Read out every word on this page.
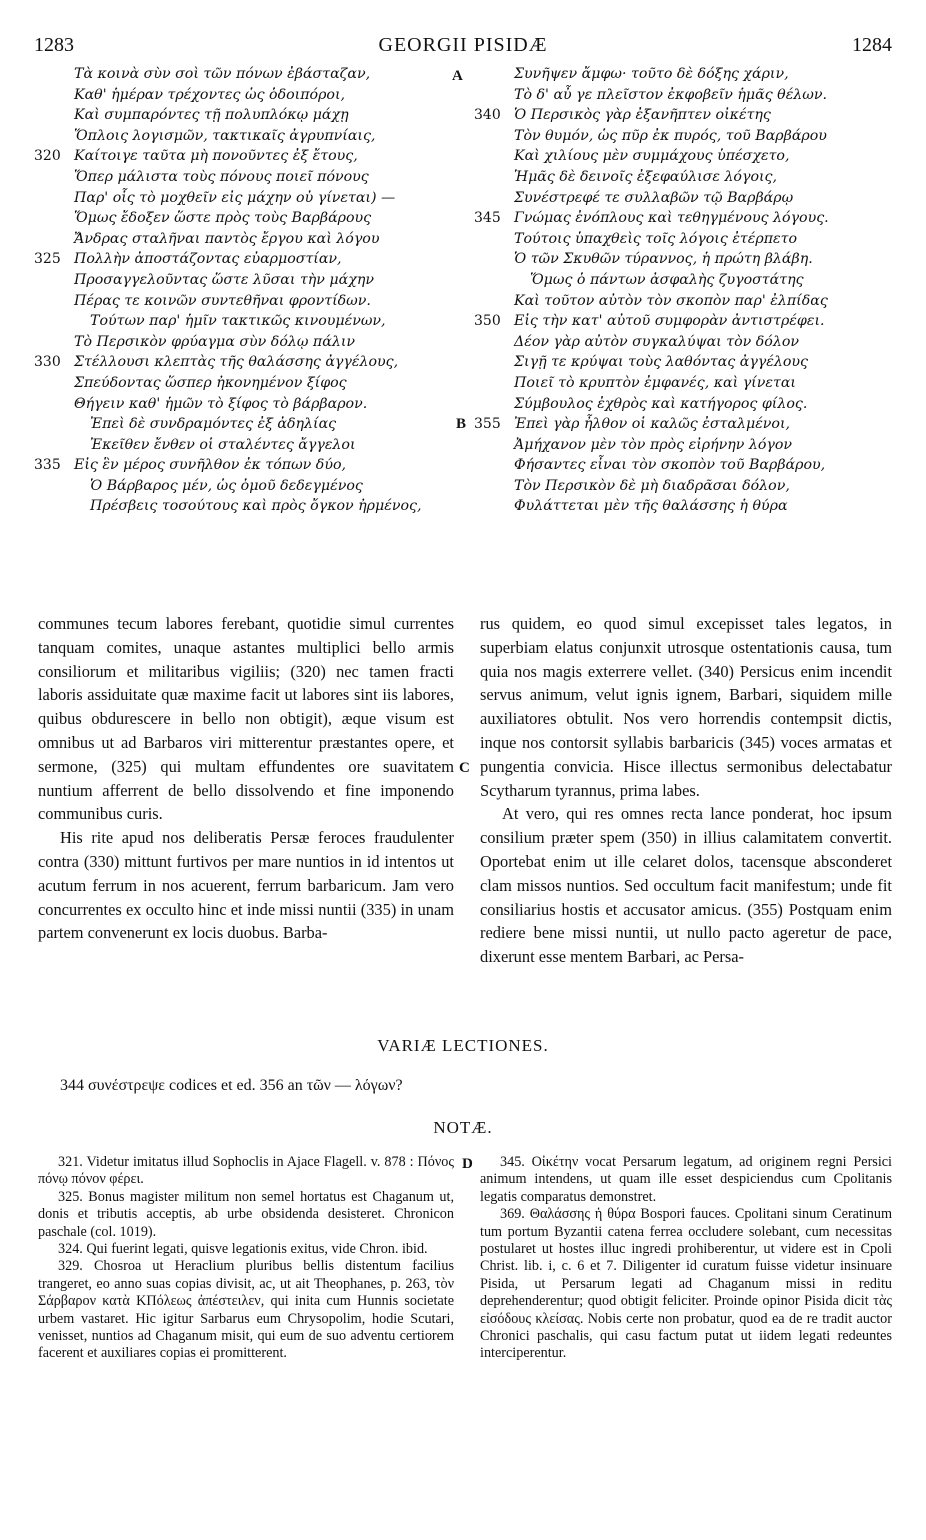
1283	GEORGII PISIDÆ	1284
Τὰ κοινὰ σὺν σοὶ τῶν πόνων ἐβάσταζαν,
Καθ' ἡμέραν τρέχοντες ὡς ὁδοιπόροι,
Καὶ συμπαρόντες τῇ πολυπλόκῳ μάχῃ
Ὅπλοις λογισμῶν, τακτικαῖς ἀγρυπνίαις,
320 Καίτοιγε ταῦτα μὴ πονοῦντες ἐξ ἔτους,
Ὅπερ μάλιστα τοὺς πόνους ποιεῖ πόνους
Παρ' οἷς τὸ μοχθεῖν εἰς μάχην οὐ γίνεται) —
Ὅμως ἔδοξεν ὥστε πρὸς τοὺς Βαρβάρους
Ἄνδρας σταλῆναι παντὸς ἔργου καὶ λόγου
325 Πολλὴν ἀποστάζοντας εὐαρμοστίαν,
Προσαγγελοῦντας ὥστε λῦσαι τὴν μάχην
Πέρας τε κοινῶν συντεθῆναι φροντίδων.
Τούτων παρ' ἡμῖν τακτικῶς κινουμένων,
Τὸ Περσικὸν φρύαγμα σὺν δόλῳ πάλιν
330 Στέλλουσι κλεπτὰς τῆς θαλάσσης ἀγγέλους,
Σπεύδοντας ὥσπερ ἠκονημένον ξίφος
Θήγειν καθ' ἡμῶν τὸ ξίφος τὸ βάρβαρον.
Ἐπεὶ δὲ συνδραμόντες ἐξ ἀδηλίας
Ἐκεῖθεν ἔνθεν οἱ σταλέντες ἄγγελοι
335 Εἰς ἓν μέρος συνῆλθον ἐκ τόπων δύο,
Ὁ Βάρβαρος μέν, ὡς ὁμοῦ δεδεγμένος
Πρέσβεις τοσούτους καὶ πρὸς ὄγκον ἠρμένος,
Συνῆψεν ἄμφω· τοῦτο δὲ δόξης χάριν,
Τὸ δ' αὖ γε πλεῖστον ἐκφοβεῖν ἡμᾶς θέλων.
340 Ὁ Περσικὸς γὰρ ἐξανῆπτεν οἰκέτης
Τὸν θυμόν, ὡς πῦρ ἐκ πυρός, τοῦ Βαρβάρου
Καὶ χιλίους μὲν συμμάχους ὑπέσχετο,
Ἡμᾶς δὲ δεινοῖς ἐξεφαύλισε λόγοις,
Συνέστρεφέ τε συλλαβῶν τῷ Βαρβάρῳ
345 Γνώμας ἐνόπλους καὶ τεθηγμένους λόγους.
Τούτοις ὑπαχθεὶς τοῖς λόγοις ἐτέρπετο
Ὁ τῶν Σκυθῶν τύραννος, ἡ πρώτη βλάβη.
Ὅμως ὁ πάντων ἀσφαλὴς ζυγοστάτης
Καὶ τοῦτον αὐτὸν τὸν σκοπὸν παρ' ἐλπίδας
350 Εἰς τὴν κατ' αὐτοῦ συμφορὰν ἀντιστρέφει.
Δέον γὰρ αὐτὸν συγκαλύψαι τὸν δόλον
Σιγῇ τε κρύψαι τοὺς λαθόντας ἀγγέλους
Ποιεῖ τὸ κρυπτὸν ἐμφανές, καὶ γίνεται
Σύμβουλος ἐχθρὸς καὶ κατήγορος φίλος.
355 Ἐπεὶ γὰρ ἦλθον οἱ καλῶς ἐσταλμένοι,
Ἀμήχανον μὲν τὸν πρὸς εἰρήνην λόγον
Φήσαντες εἶναι τὸν σκοπὸν τοῦ Βαρβάρου,
Τὸν Περσικὸν δὲ μὴ διαδρᾶσαι δόλον,
Φυλάττεται μὲν τῆς θαλάσσης ἡ θύρα
A
B
C
D

communes tecum labores ferebant, quotidie simul currentes tanquam comites, unaque astantes multiplici bello armis consiliorum et militaribus vigiliis; (320) nec tamen fracti laboris assiduitate quæ maxime facit ut labores sint iis labores, quibus obdurescere in bello non obtigit), æque visum est omnibus ut ad Barbaros viri mitterentur præstantes opere, et sermone, (325) qui multam effundentes ore suavitatem nuntium afferrent de bello dissolvendo et fine imponendo communibus curis.

His rite apud nos deliberatis Persæ feroces fraudulenter contra (330) mittunt furtivos per mare nuntios in id intentos ut acutum ferrum in nos acuerent, ferrum barbaricum. Jam vero concurrentes ex occulto hinc et inde missi nuntii (335) in unam partem convenerunt ex locis duobus. Barba-

rus quidem, eo quod simul excepisset tales legatos, in superbiam elatus conjunxit utrosque ostentationis causa, tum quia nos magis exterrere vellet. (340) Persicus enim incendit servus animum, velut ignis ignem, Barbari, siquidem mille auxiliatores obtulit. Nos vero horrendis contempsit dictis, inque nos contorsit syllabis barbaricis (345) voces armatas et pungentia convicia. Hisce illectus sermonibus delectabatur Scytharum tyrannus, prima labes.

At vero, qui res omnes recta lance ponderat, hoc ipsum consilium præter spem (350) in illius calamitatem convertit. Oportebat enim ut ille celaret dolos, tacensque absconderet clam missos nuntios. Sed occultum facit manifestum; unde fit consiliarius hostis et accusator amicus. (355) Postquam enim rediere bene missi nuntii, ut nullo pacto ageretur de pace, dixerunt esse mentem Barbari, ac Persa-

VARIÆ LECTIONES.
344 συνέστρεψε codices et ed. 356 an τῶν — λόγων?
NOTÆ.

321. Videtur imitatus illud Sophoclis in Ajace Flagell. v. 878 : Πόνος πόνῳ πόνον φέρει.

325. Bonus magister militum non semel hortatus est Chaganum ut, donis et tributis acceptis, ab urbe obsidenda desisteret. Chronicon paschale (col. 1019).

324. Qui fuerint legati, quisve legationis exitus, vide Chron. ibid.

329. Chosroa ut Heraclium pluribus bellis distentum facilius trangeret, eo anno suas copias divisit, ac, ut ait Theophanes, p. 263, τὸν Σάρβαρον κατὰ ΚΠόλεως ἀπέστειλεν, qui inita cum Hunnis societate urbem vastaret. Hic igitur Sarbarus eum Chrysopolim, hodie Scutari, venisset, nuntios ad Chaganum misit, qui eum de suo adventu certiorem facerent et auxiliares copias ei promitterent.

345. Οἰκέτην vocat Persarum legatum, ad originem regni Persici animum intendens, ut quam ille esset despiciendus cum Cpolitanis legatis comparatus demonstret.

369. Θαλάσσης ἡ θύρα Bospori fauces. Cpolitani sinum Ceratinum tum portum Byzantii catena ferrea occludere solebant, cum necessitas postularet ut hostes illuc ingredi prohiberentur, ut videre est in Cpoli Christ. lib. i, c. 6 et 7. Diligenter id curatum fuisse videtur insinuare Pisida, ut Persarum legati ad Chaganum missi in reditu deprehenderentur; quod obtigit feliciter. Proinde opinor Pisida dicit τὰς εἰσόδους κλείσας. Nobis certe non probatur, quod ea de re tradit auctor Chronici paschalis, qui casu factum putat ut iidem legati redeuntes interciperentur.
